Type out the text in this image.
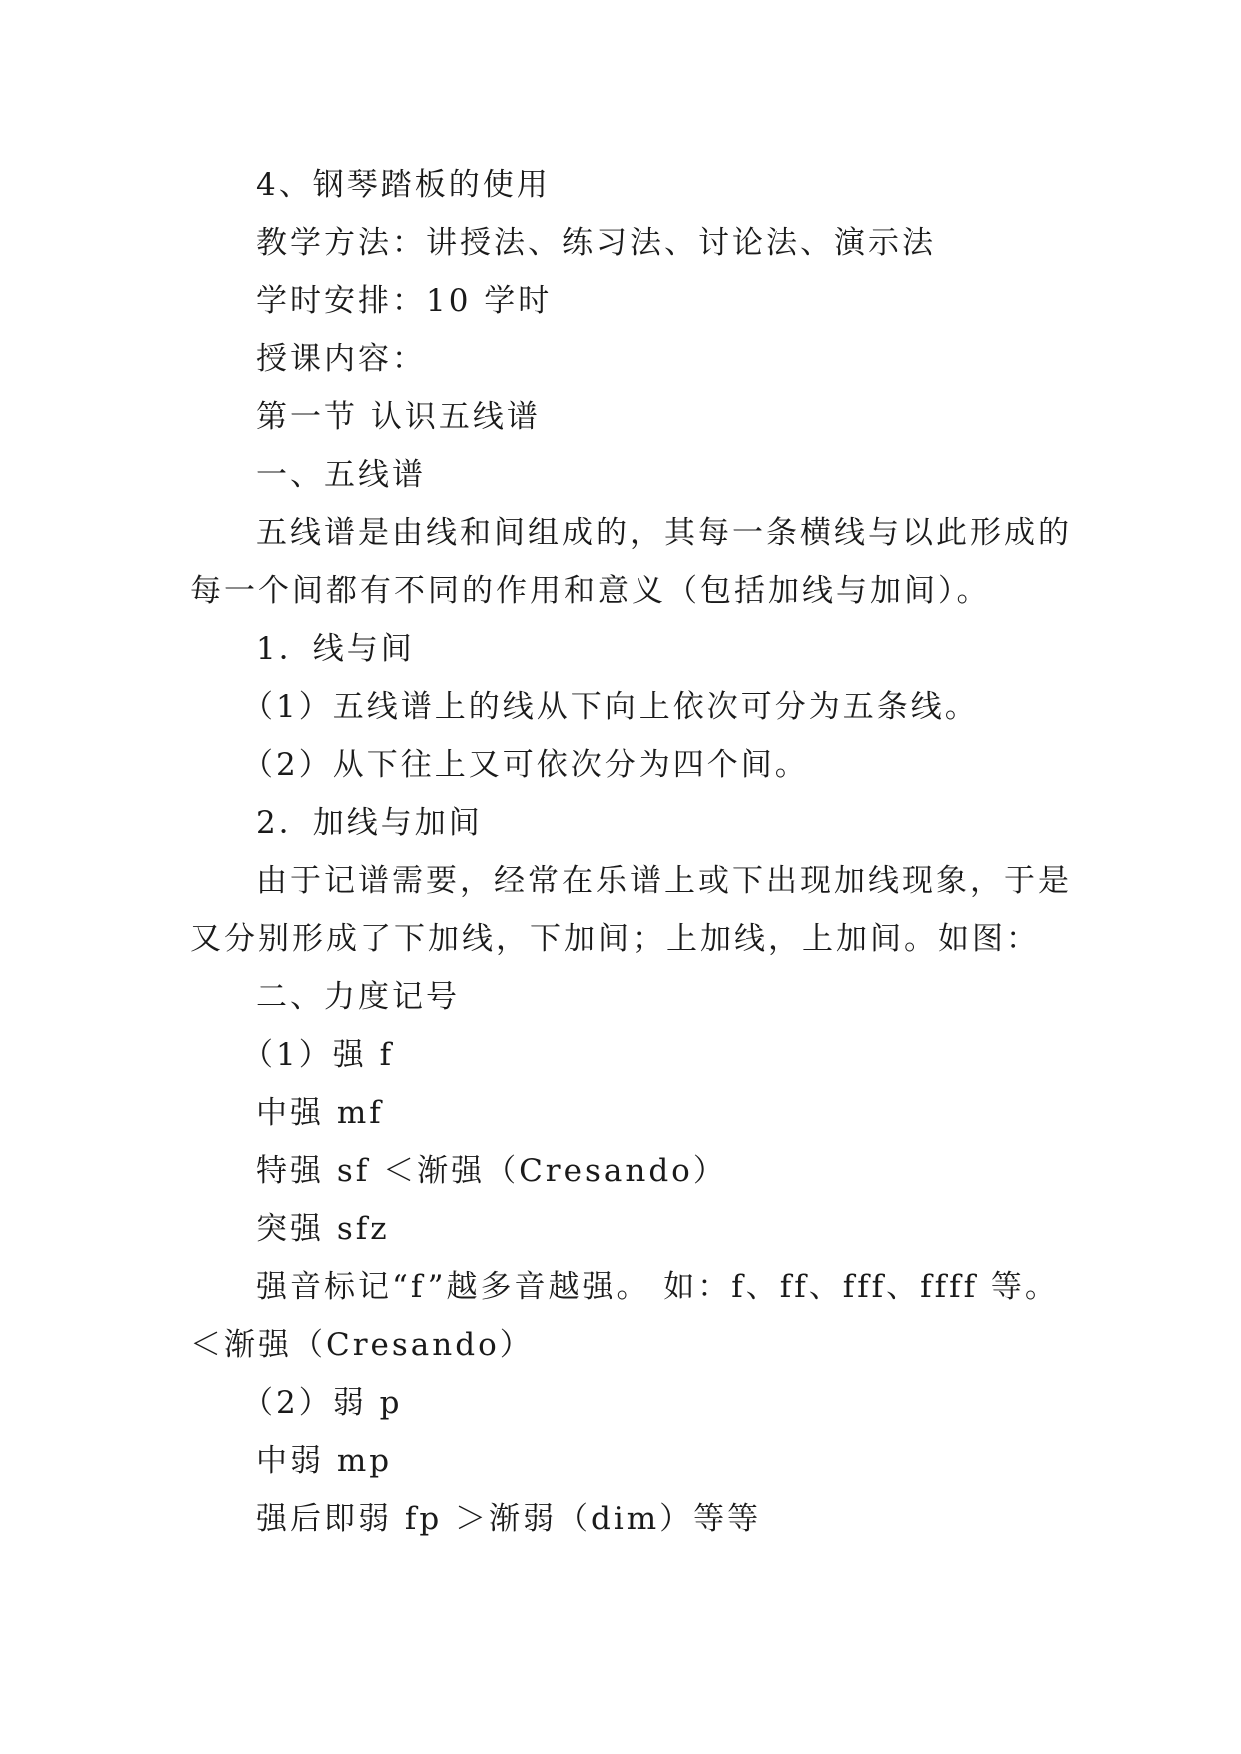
4、钢琴踏板的使用
教学方法：讲授法、练习法、讨论法、演示法
学时安排：10 学时
授课内容：
第一节 认识五线谱
一、五线谱
五线谱是由线和间组成的，其每一条横线与以此形成的
每一个间都有不同的作用和意义（包括加线与加间）。
1．线与间
（1）五线谱上的线从下向上依次可分为五条线。
（2）从下往上又可依次分为四个间。
2．加线与加间
由于记谱需要，经常在乐谱上或下出现加线现象，于是
又分别形成了下加线，下加间；上加线，上加间。如图：
二、力度记号
（1）强 f
中强 mf
特强 sf ＜渐强（Cresando）
突强 sfz
强音标记“f”越多音越强。 如：f、ff、fff、ffff 等。
＜渐强（Cresando）
（2）弱 p
中弱 mp
强后即弱 fp ＞渐弱（dim）等等
